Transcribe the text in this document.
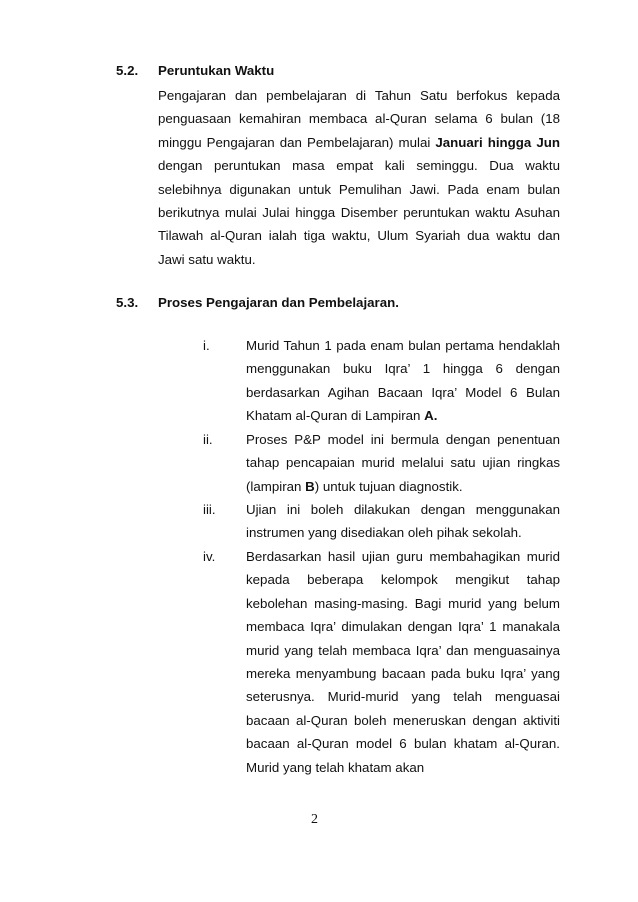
5.2. Peruntukan Waktu
Pengajaran dan pembelajaran di Tahun Satu berfokus kepada penguasaan kemahiran membaca al-Quran selama 6 bulan (18 minggu Pengajaran dan Pembelajaran) mulai Januari hingga Jun dengan peruntukan masa empat kali seminggu. Dua waktu selebihnya digunakan untuk Pemulihan Jawi. Pada enam bulan berikutnya mulai Julai hingga Disember peruntukan waktu Asuhan Tilawah al-Quran ialah tiga waktu, Ulum Syariah dua waktu dan Jawi satu waktu.
5.3. Proses Pengajaran dan Pembelajaran.
i.	Murid Tahun 1 pada enam bulan pertama hendaklah menggunakan buku Iqra’ 1 hingga 6 dengan berdasarkan Agihan Bacaan Iqra’ Model 6 Bulan Khatam al-Quran di Lampiran A.
ii.	Proses P&P model ini bermula dengan penentuan tahap pencapaian murid melalui satu ujian ringkas (lampiran B) untuk tujuan diagnostik.
iii. Ujian ini boleh dilakukan dengan menggunakan instrumen yang disediakan oleh pihak sekolah.
iv. Berdasarkan hasil ujian guru membahagikan murid kepada beberapa kelompok mengikut tahap kebolehan masing-masing. Bagi murid yang belum membaca Iqra’ dimulakan dengan Iqra’ 1 manakala murid yang telah membaca Iqra’ dan menguasainya mereka menyambung bacaan pada buku Iqra’ yang seterusnya. Murid-murid yang telah menguasai bacaan al-Quran boleh meneruskan dengan aktiviti bacaan al-Quran model 6 bulan khatam al-Quran. Murid yang telah khatam akan
2
